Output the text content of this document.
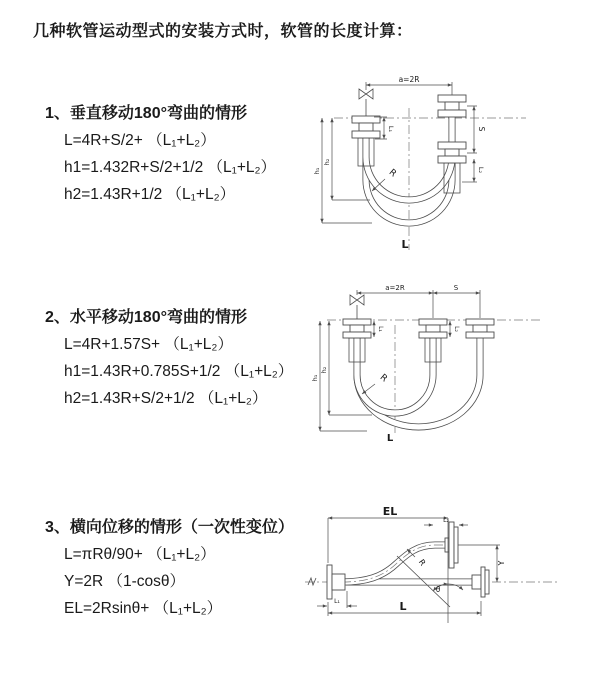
几种软管运动型式的安装方式时，软管的长度计算：
1、垂直移动180°弯曲的情形
L=4R+S/2+ （L₁+L₂）
h1=1.432R+S/2+1/2 （L₁+L₂）
h2=1.43R+1/2 （L₁+L₂）
2、水平移动180°弯曲的情形
L=4R+1.57S+ （L₁+L₂）
h1=1.43R+0.785S+1/2 （L₁+L₂）
h2=1.43R+S/2+1/2 （L₁+L₂）
3、横向位移的情形（一次性变位）
L=πRθ/90+ （L₁+L₂）
Y=2R （1-cosθ）
EL=2Rsinθ+ （L₁+L₂）
a=2R
L₁	S
L₂
h₁
h₂
R
L
a=2R	S
L₁	L₂
h₁
h₂
R
L
EL
L₂
Y
θ
R
L
L₁
